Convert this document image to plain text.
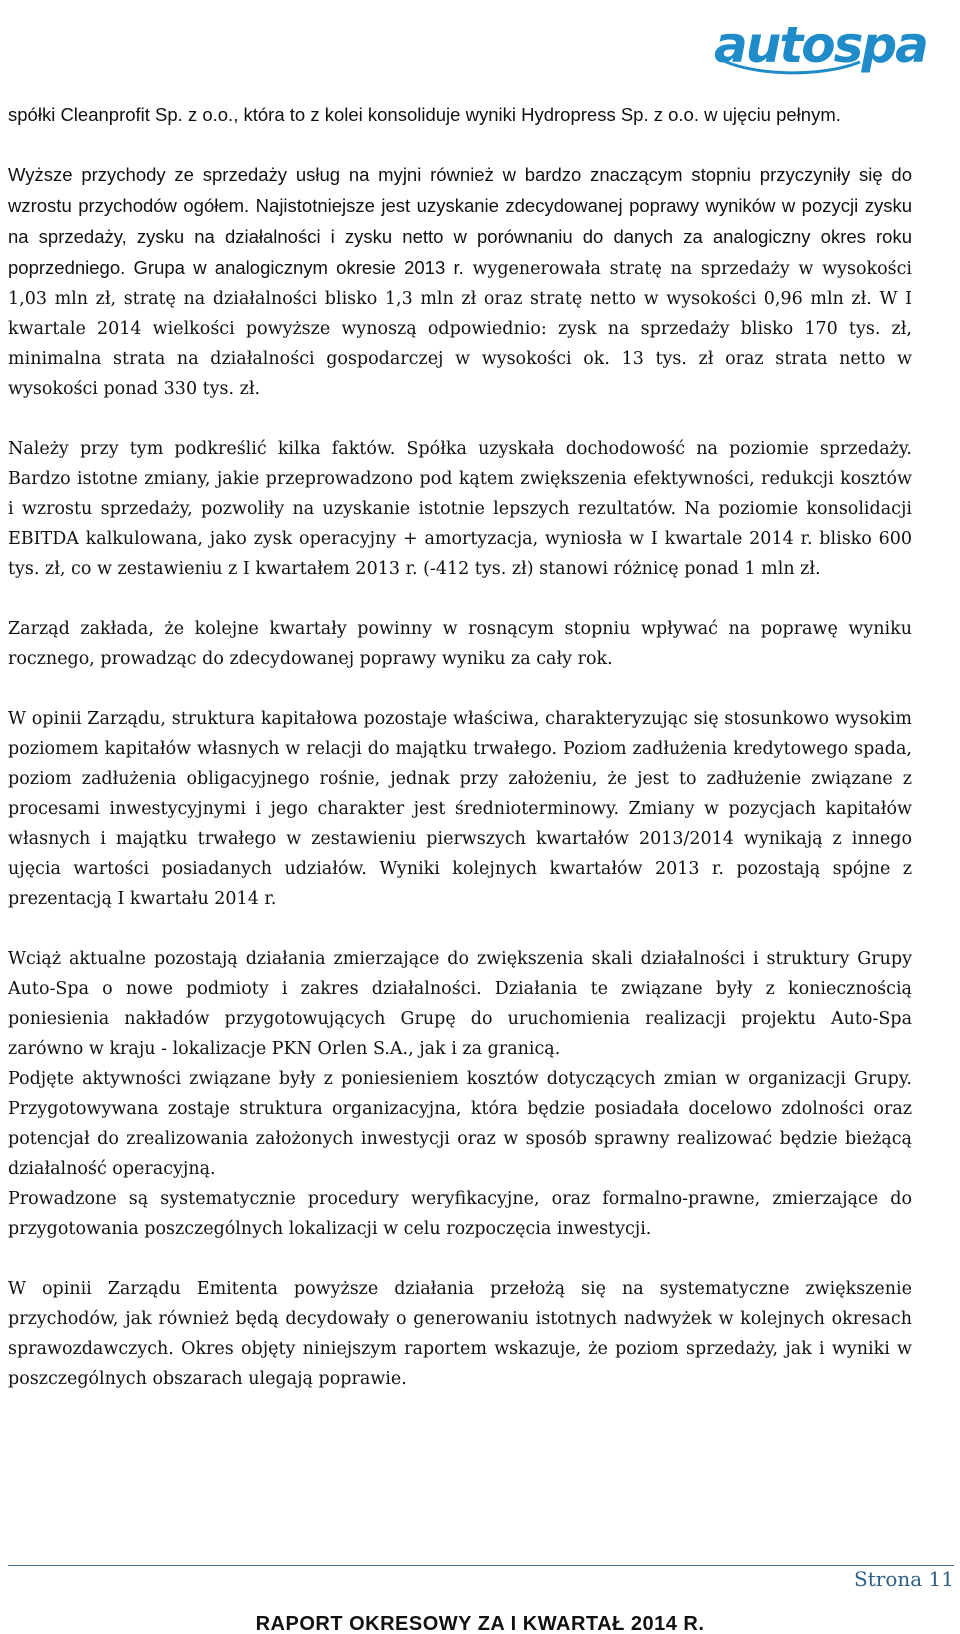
autospa

spółki Cleanprofit Sp. z o.o., która to z kolei konsoliduje wyniki Hydropress Sp. z o.o. w ujęciu pełnym.

Wyższe przychody ze sprzedaży usług na myjni również w bardzo znaczącym stopniu przyczyniły się do wzrostu przychodów ogółem. Najistotniejsze jest uzyskanie zdecydowanej poprawy wyników w pozycji zysku na sprzedaży, zysku na działalności i zysku netto w porównaniu do danych za analogiczny okres roku poprzedniego. Grupa w analogicznym okresie 2013 r. wygenerowała stratę na sprzedaży w wysokości 1,03 mln zł, stratę na działalności blisko 1,3 mln zł oraz stratę netto w wysokości 0,96 mln zł. W I kwartale 2014 wielkości powyższe wynoszą odpowiednio: zysk na sprzedaży blisko 170 tys. zł, minimalna strata na działalności gospodarczej w wysokości ok. 13 tys. zł oraz strata netto w wysokości ponad 330 tys. zł.

Należy przy tym podkreślić kilka faktów. Spółka uzyskała dochodowość na poziomie sprzedaży. Bardzo istotne zmiany, jakie przeprowadzono pod kątem zwiększenia efektywności, redukcji kosztów i wzrostu sprzedaży, pozwoliły na uzyskanie istotnie lepszych rezultatów. Na poziomie konsolidacji EBITDA kalkulowana, jako zysk operacyjny + amortyzacja, wyniosła w I kwartale 2014 r. blisko 600 tys. zł, co w zestawieniu z I kwartałem 2013 r. (-412 tys. zł) stanowi różnicę ponad 1 mln zł.

Zarząd zakłada, że kolejne kwartały powinny w rosnącym stopniu wpływać na poprawę wyniku rocznego, prowadząc do zdecydowanej poprawy wyniku za cały rok.

W opinii Zarządu, struktura kapitałowa pozostaje właściwa, charakteryzując się stosunkowo wysokim poziomem kapitałów własnych w relacji do majątku trwałego. Poziom zadłużenia kredytowego spada, poziom zadłużenia obligacyjnego rośnie, jednak przy założeniu, że jest to zadłużenie związane z procesami inwestycyjnymi i jego charakter jest średnioterminowy. Zmiany w pozycjach kapitałów własnych i majątku trwałego w zestawieniu pierwszych kwartałów 2013/2014 wynikają z innego ujęcia wartości posiadanych udziałów. Wyniki kolejnych kwartałów 2013 r. pozostają spójne z prezentacją I kwartału 2014 r.

Wciąż aktualne pozostają działania zmierzające do zwiększenia skali działalności i struktury Grupy Auto-Spa o nowe podmioty i zakres działalności. Działania te związane były z koniecznością poniesienia nakładów przygotowujących Grupę do uruchomienia realizacji projektu Auto-Spa zarówno w kraju - lokalizacje PKN Orlen S.A., jak i za granicą.

Podjęte aktywności związane były z poniesieniem kosztów dotyczących zmian w organizacji Grupy. Przygotowywana zostaje struktura organizacyjna, która będzie posiadała docelowo zdolności oraz potencjał do zrealizowania założonych inwestycji oraz w sposób sprawny realizować będzie bieżącą działalność operacyjną.

Prowadzone są systematycznie procedury weryfikacyjne, oraz formalno-prawne, zmierzające do przygotowania poszczególnych lokalizacji w celu rozpoczęcia inwestycji.

W opinii Zarządu Emitenta powyższe działania przełożą się na systematyczne zwiększenie przychodów, jak również będą decydowały o generowaniu istotnych nadwyżek w kolejnych okresach sprawozdawczych. Okres objęty niniejszym raportem wskazuje, że poziom sprzedaży, jak i wyniki w poszczególnych obszarach ulegają poprawie.

Strona 11
RAPORT OKRESOWY ZA I KWARTAŁ 2014 R.
